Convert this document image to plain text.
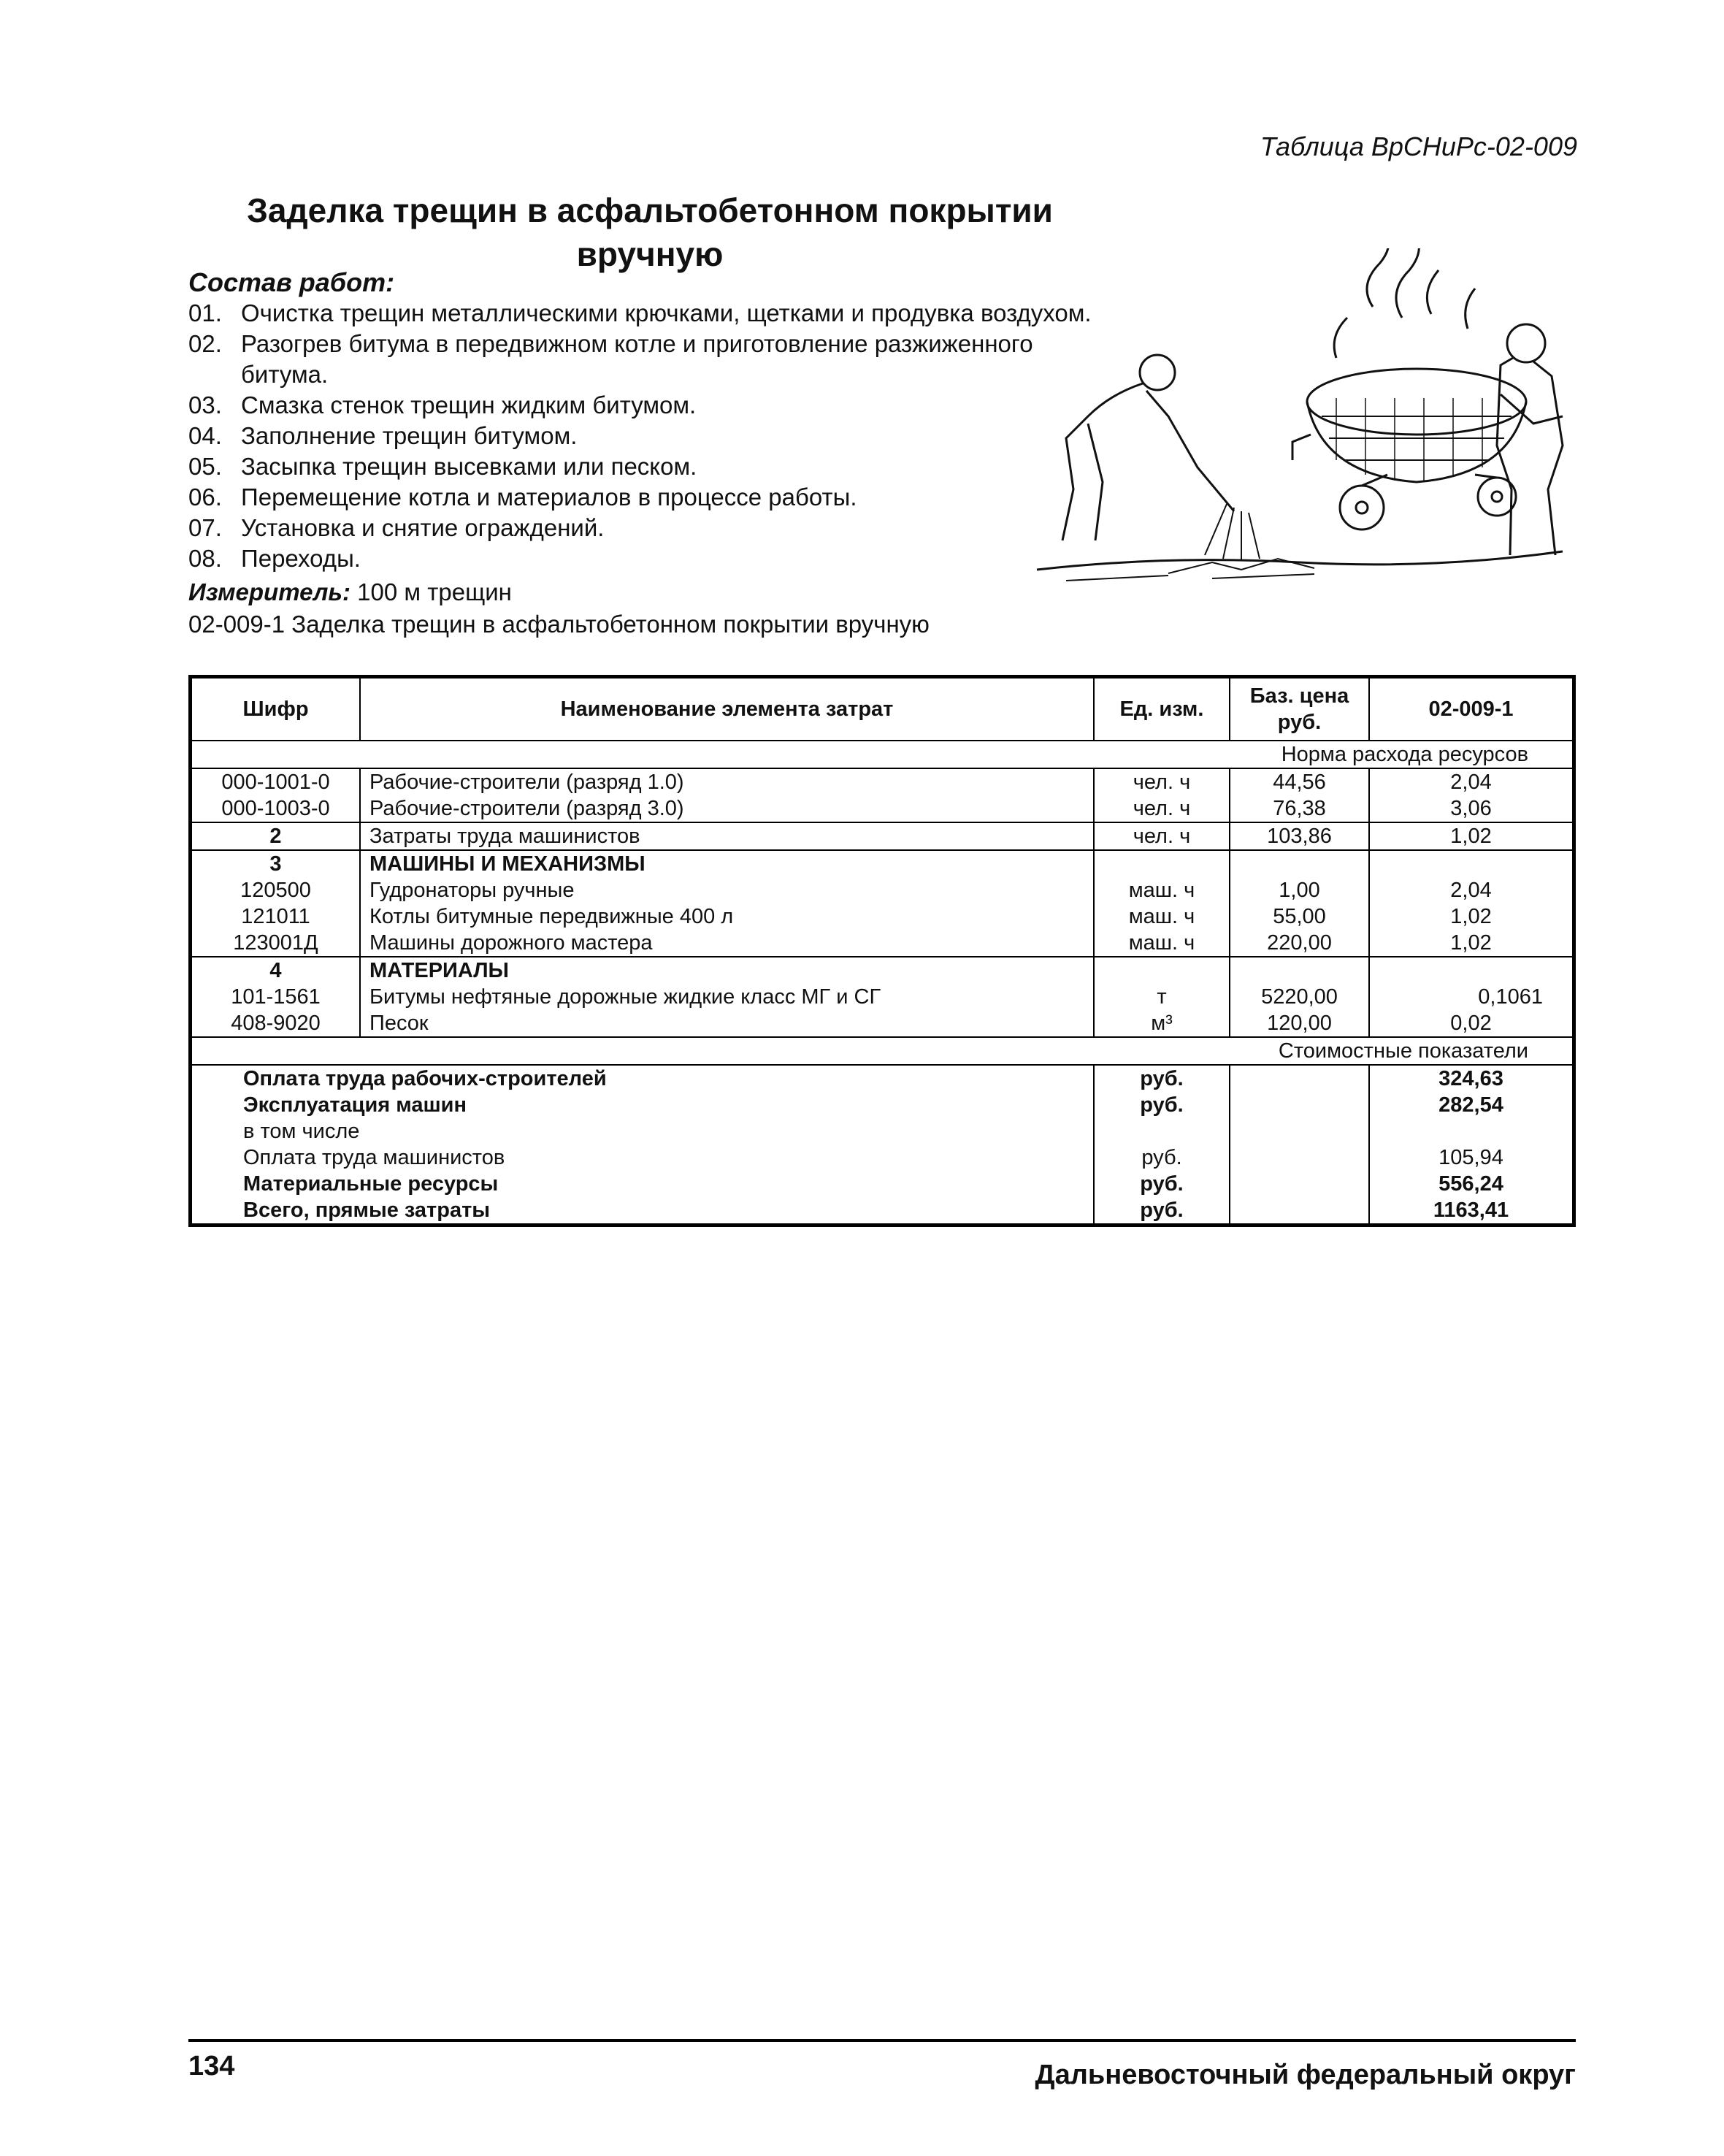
Таблица ВрСНиРс-02-009
Заделка трещин в асфальтобетонном покрытии
вручную
Состав работ:
01. Очистка трещин металлическими крючками, щетками и продувка воздухом.
02. Разогрев битума в передвижном котле и приготовление разжиженного битума.
03. Смазка стенок трещин жидким битумом.
04. Заполнение трещин битумом.
05. Засыпка трещин высевками или песком.
06. Перемещение котла и материалов в процессе работы.
07. Установка и снятие ограждений.
08. Переходы.
Измеритель: 100 м трещин
02-009-1 Заделка трещин в асфальтобетонном покрытии вручную
Шифр	Наименование элемента затрат	Ед. изм.	Баз. цена руб.	02-009-1
Норма расхода ресурсов				
000-1001-0	Рабочие-строители (разряд 1.0)	чел. ч	44,56	2,04
000-1003-0	Рабочие-строители (разряд 3.0)	чел. ч	76,38	3,06
2	Затраты труда машинистов	чел. ч	103,86	1,02
3	МАШИНЫ И МЕХАНИЗМЫ			
120500	Гудронаторы ручные	маш. ч	1,00	2,04
121011	Котлы битумные передвижные 400 л	маш. ч	55,00	1,02
123001Д	Машины дорожного мастера	маш. ч	220,00	1,02
4	МАТЕРИАЛЫ			
101-1561	Битумы нефтяные дорожные жидкие класс МГ и СГ	т	5220,00	0,1061
408-9020	Песок	м³	120,00	0,02
Стоимостные показатели				
Оплата труда рабочих-строителей		руб.		324,63
Эксплуатация машин		руб.		282,54
в том числе				
Оплата труда машинистов		руб.		105,94
Материальные ресурсы		руб.		556,24
Всего, прямые затраты		руб.		1163,41
134	Дальневосточный федеральный округ
